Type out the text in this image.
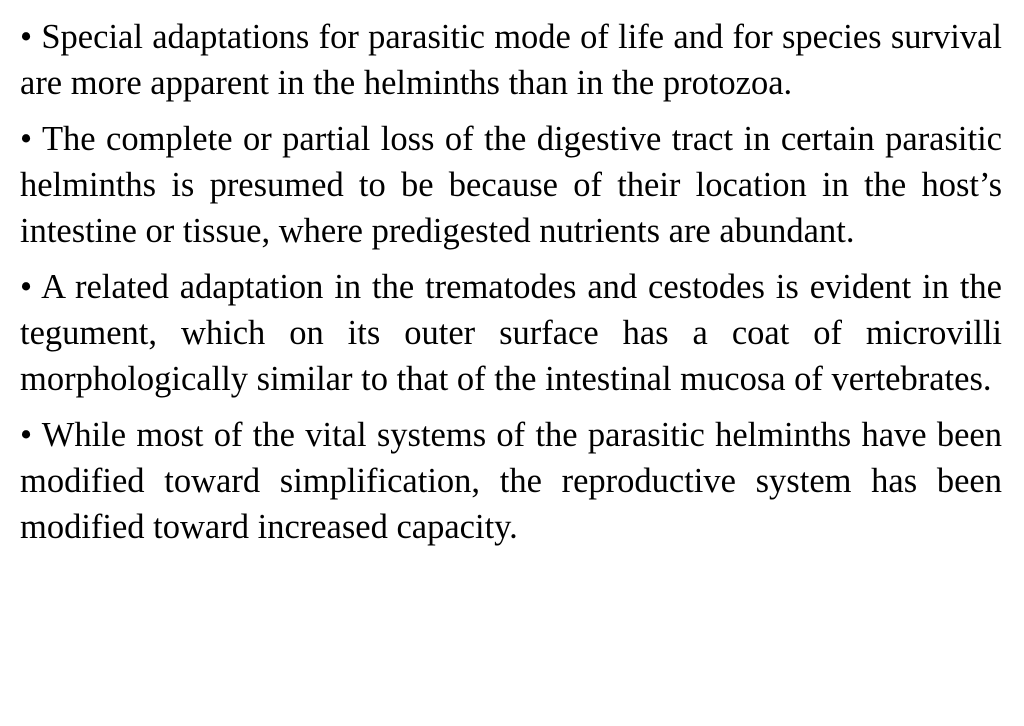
• Special adaptations for parasitic mode of life and for species survival are more apparent in the helminths than in the protozoa.
• The complete or partial loss of the digestive tract in certain parasitic helminths is presumed to be because of their location in the host’s intestine or tissue, where predigested nutrients are abundant.
• A related adaptation in the trematodes and cestodes is evident in the tegument, which on its outer surface has a coat of microvilli morphologically similar to that of the intestinal mucosa of vertebrates.
• While most of the vital systems of the parasitic helminths have been modified toward simplification, the reproductive system has been modified toward increased capacity.
